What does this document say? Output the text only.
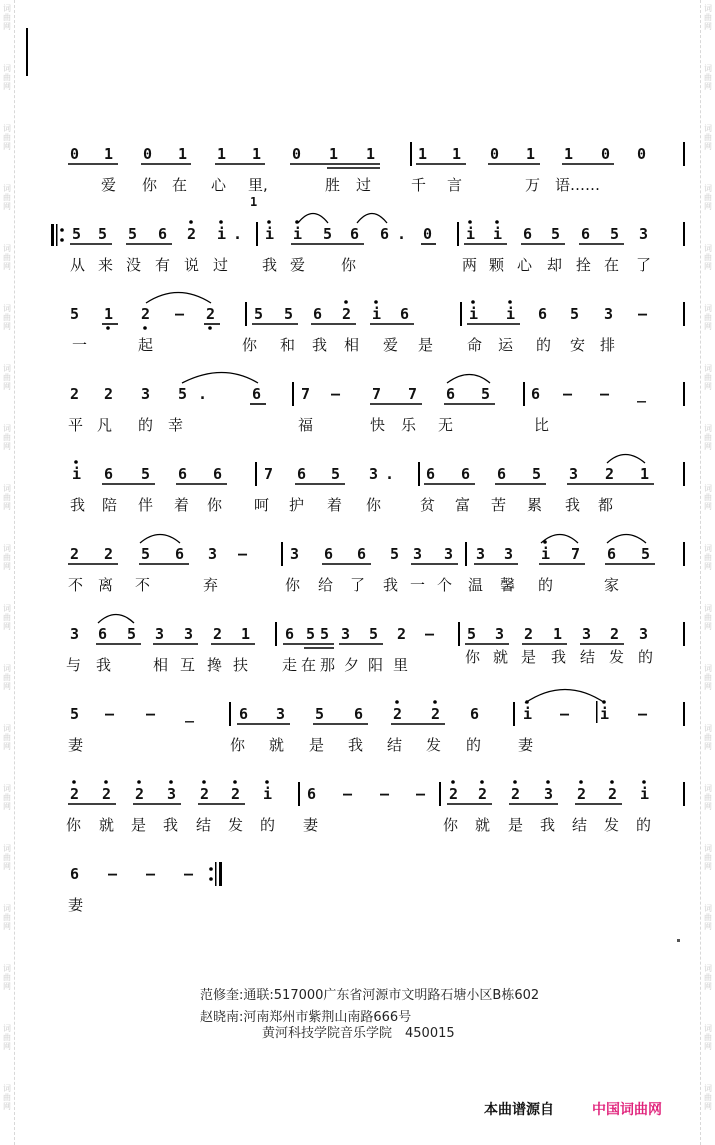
词
曲
网
词
曲
网
词
曲
网
词
曲
网
词
曲
网
词
曲
网
词
曲
网
词
曲
网
词
曲
网
词
曲
网
词
曲
网
词
曲
网
词
曲
网
词
曲
网
词
曲
网
词
曲
网
词
曲
网
词
曲
网
词
曲
网
词
曲
网
词
曲
网
词
曲
网
词
曲
网
词
曲
网
词
曲
网
词
曲
网
词
曲
网
词
曲
网
词
曲
网
词
曲
网
词
曲
网
词
曲
网
词
曲
网
词
曲
网
词
曲
网
词
曲
网
词
曲
网
词
曲
网
0 1 0 1 1 1 0 1 1	1 1 0 1 1 0 0
爱 你 在 心 里,	胜 过	千 言	万 语……
1
5 5 5 6 2 i . i i 5 6 6 . 0 i i 6 5 6 5 3
从 来 没 有 说 过 我 爱 你	两 颗 心 却 拴 在 了
5 1 2 – 2	5 5 6 2 i 6	i i 6 5 3 –
一	起	你 和 我 相 爱 是 命 运 的 安 排
2 2 3 5 .	6	7 – 7 7 6 5	6 – – _
平 凡 的 幸	福	快 乐 无	比
i 6 5 6 6	7 6 5 3 . 6 6 6 5 3 2 1
我 陪 伴 着 你 呵 护 着 你	贫 富 苦 累 我 都
2 2 5 6 3 –	3 6 6 5 3 3 3 3 i 7 6 5
不 离 不	弃	你 给 了 我 一 个 温 馨 的	家
3 6 5 3 3 2 1 6 5 5 3 5 2 – 5 3 2 1 3 2 3
与 我	相 互 搀 扶 走 在 那 夕 阳 里	你 就 是 我 结 发 的
5 – – _	6 3 5 6 2 2 6	i – i –
妻	你 就 是 我 结 发 的 妻
2 2 2 3 2 2 i 6 – – – 2 2 2 3 2 2 i
你 就 是 我 结 发 的 妻	你 就 是 我 结 发 的
6 – – –
妻
范修奎:通联:517000广东省河源市文明路石塘小区B栋602
赵晓南:河南郑州市紫荆山南路666号
黄河科技学院音乐学院　450015
本曲谱源自	中国词曲网
